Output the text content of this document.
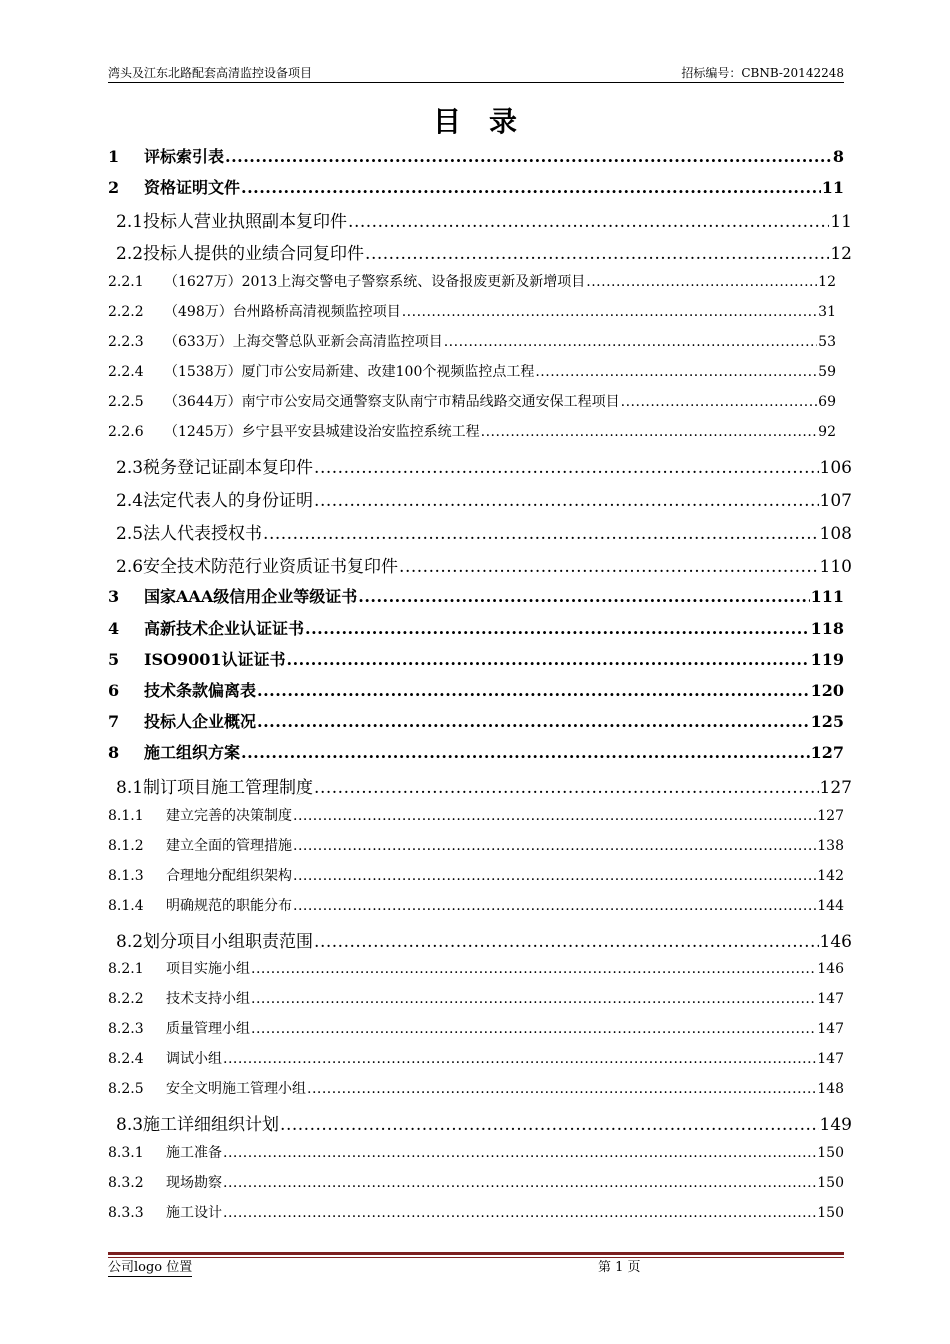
湾头及江东北路配套高清监控设备项目	招标编号：CBNB-20142248
目录
1	评标索引表 .....	8
2	资格证明文件 .....	11
2.1 投标人营业执照副本复印件 .....	11
2.2 投标人提供的业绩合同复印件 .....	12
2.2.1	（1627万）2013上海交警电子警察系统、设备报废更新及新增项目 .....	12
2.2.2	（498万）台州路桥高清视频监控项目 .....	31
2.2.3	（633万）上海交警总队亚新会高清监控项目 .....	53
2.2.4	（1538万）厦门市公安局新建、改建100个视频监控点工程 .....	59
2.2.5	（3644万）南宁市公安局交通警察支队南宁市精品线路交通安保工程项目 .....	69
2.2.6	（1245万）乡宁县平安县城建设治安监控系统工程 .....	92
2.3 税务登记证副本复印件 .....	106
2.4 法定代表人的身份证明 .....	107
2.5 法人代表授权书 .....	108
2.6 安全技术防范行业资质证书复印件 .....	110
3	国家AAA级信用企业等级证书 .....	111
4	高新技术企业认证证书 .....	118
5	ISO9001认证证书 .....	119
6	技术条款偏离表 .....	120
7	投标人企业概况 .....	125
8	施工组织方案 .....	127
8.1 制订项目施工管理制度 .....	127
8.1.1	建立完善的决策制度 .....	127
8.1.2	建立全面的管理措施 .....	138
8.1.3	合理地分配组织架构 .....	142
8.1.4	明确规范的职能分布 .....	144
8.2 划分项目小组职责范围 .....	146
8.2.1	项目实施小组 .....	146
8.2.2	技术支持小组 .....	147
8.2.3	质量管理小组 .....	147
8.2.4	调试小组 .....	147
8.2.5	安全文明施工管理小组 .....	148
8.3 施工详细组织计划 .....	149
8.3.1	施工准备 .....	150
8.3.2	现场勘察 .....	150
8.3.3	施工设计 .....	150
公司logo 位置	第 1 页
